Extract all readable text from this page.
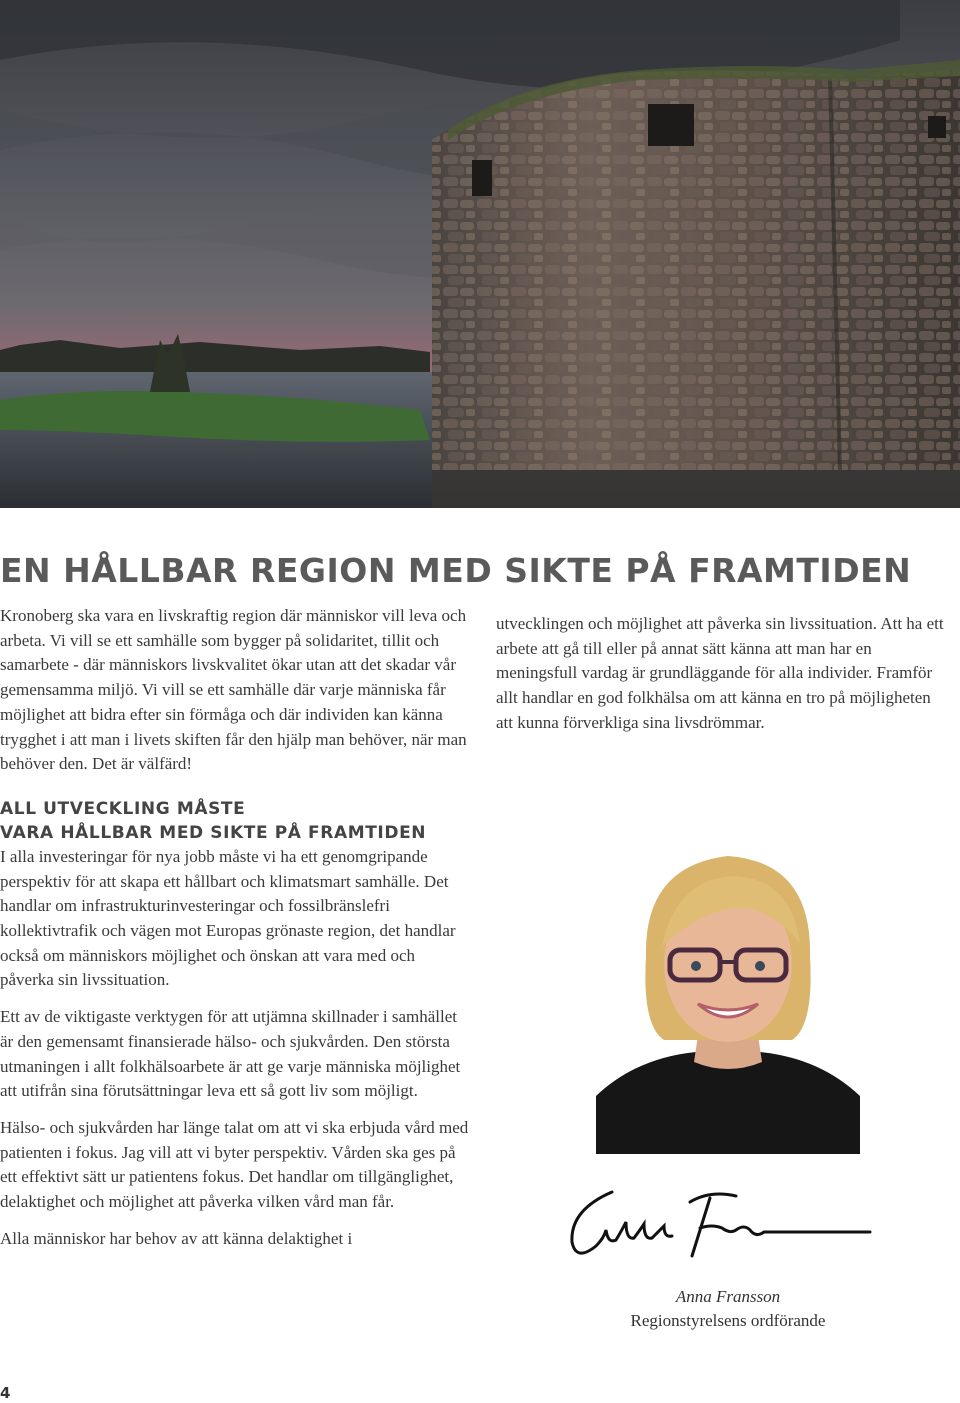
EN HÅLLBAR REGION MED SIKTE PÅ FRAMTIDEN

Kronoberg ska vara en livskraftig region där människor vill leva och arbeta. Vi vill se ett samhälle som bygger på solidaritet, tillit och samarbete - där människors livskvalitet ökar utan att det skadar vår gemensamma miljö. Vi vill se ett samhälle där varje människa får möjlighet att bidra efter sin förmåga och där individen kan känna trygghet i att man i livets skiften får den hjälp man behöver, när man behöver den. Det är välfärd!

ALL UTVECKLING MÅSTE
VARA HÅLLBAR MED SIKTE PÅ FRAMTIDEN

I alla investeringar för nya jobb måste vi ha ett genomgripande perspektiv för att skapa ett hållbart och klimatsmart samhälle. Det handlar om infrastrukturinvesteringar och fossilbränslefri kollektivtrafik och vägen mot Europas grönaste region, det handlar också om människors möjlighet och önskan att vara med och påverka sin livssituation.

Ett av de viktigaste verktygen för att utjämna skillnader i samhället är den gemensamt finansierade hälso- och sjukvården. Den största utmaningen i allt folkhälsoarbete är att ge varje människa möjlighet att utifrån sina förutsättningar leva ett så gott liv som möjligt.

Hälso- och sjukvården har länge talat om att vi ska erbjuda vård med patienten i fokus. Jag vill att vi byter perspektiv. Vården ska ges på ett effektivt sätt ur patientens fokus. Det handlar om tillgänglighet, delaktighet och möjlighet att påverka vilken vård man får.

Alla människor har behov av att känna delaktighet i

utvecklingen och möjlighet att påverka sin livssituation. Att ha ett arbete att gå till eller på annat sätt känna att man har en meningsfull vardag är grundläggande för alla individer. Framför allt handlar en god folkhälsa om att känna en tro på möjligheten att kunna förverkliga sina livsdrömmar.

Anna Fransson
Regionstyrelsens ordförande
4
